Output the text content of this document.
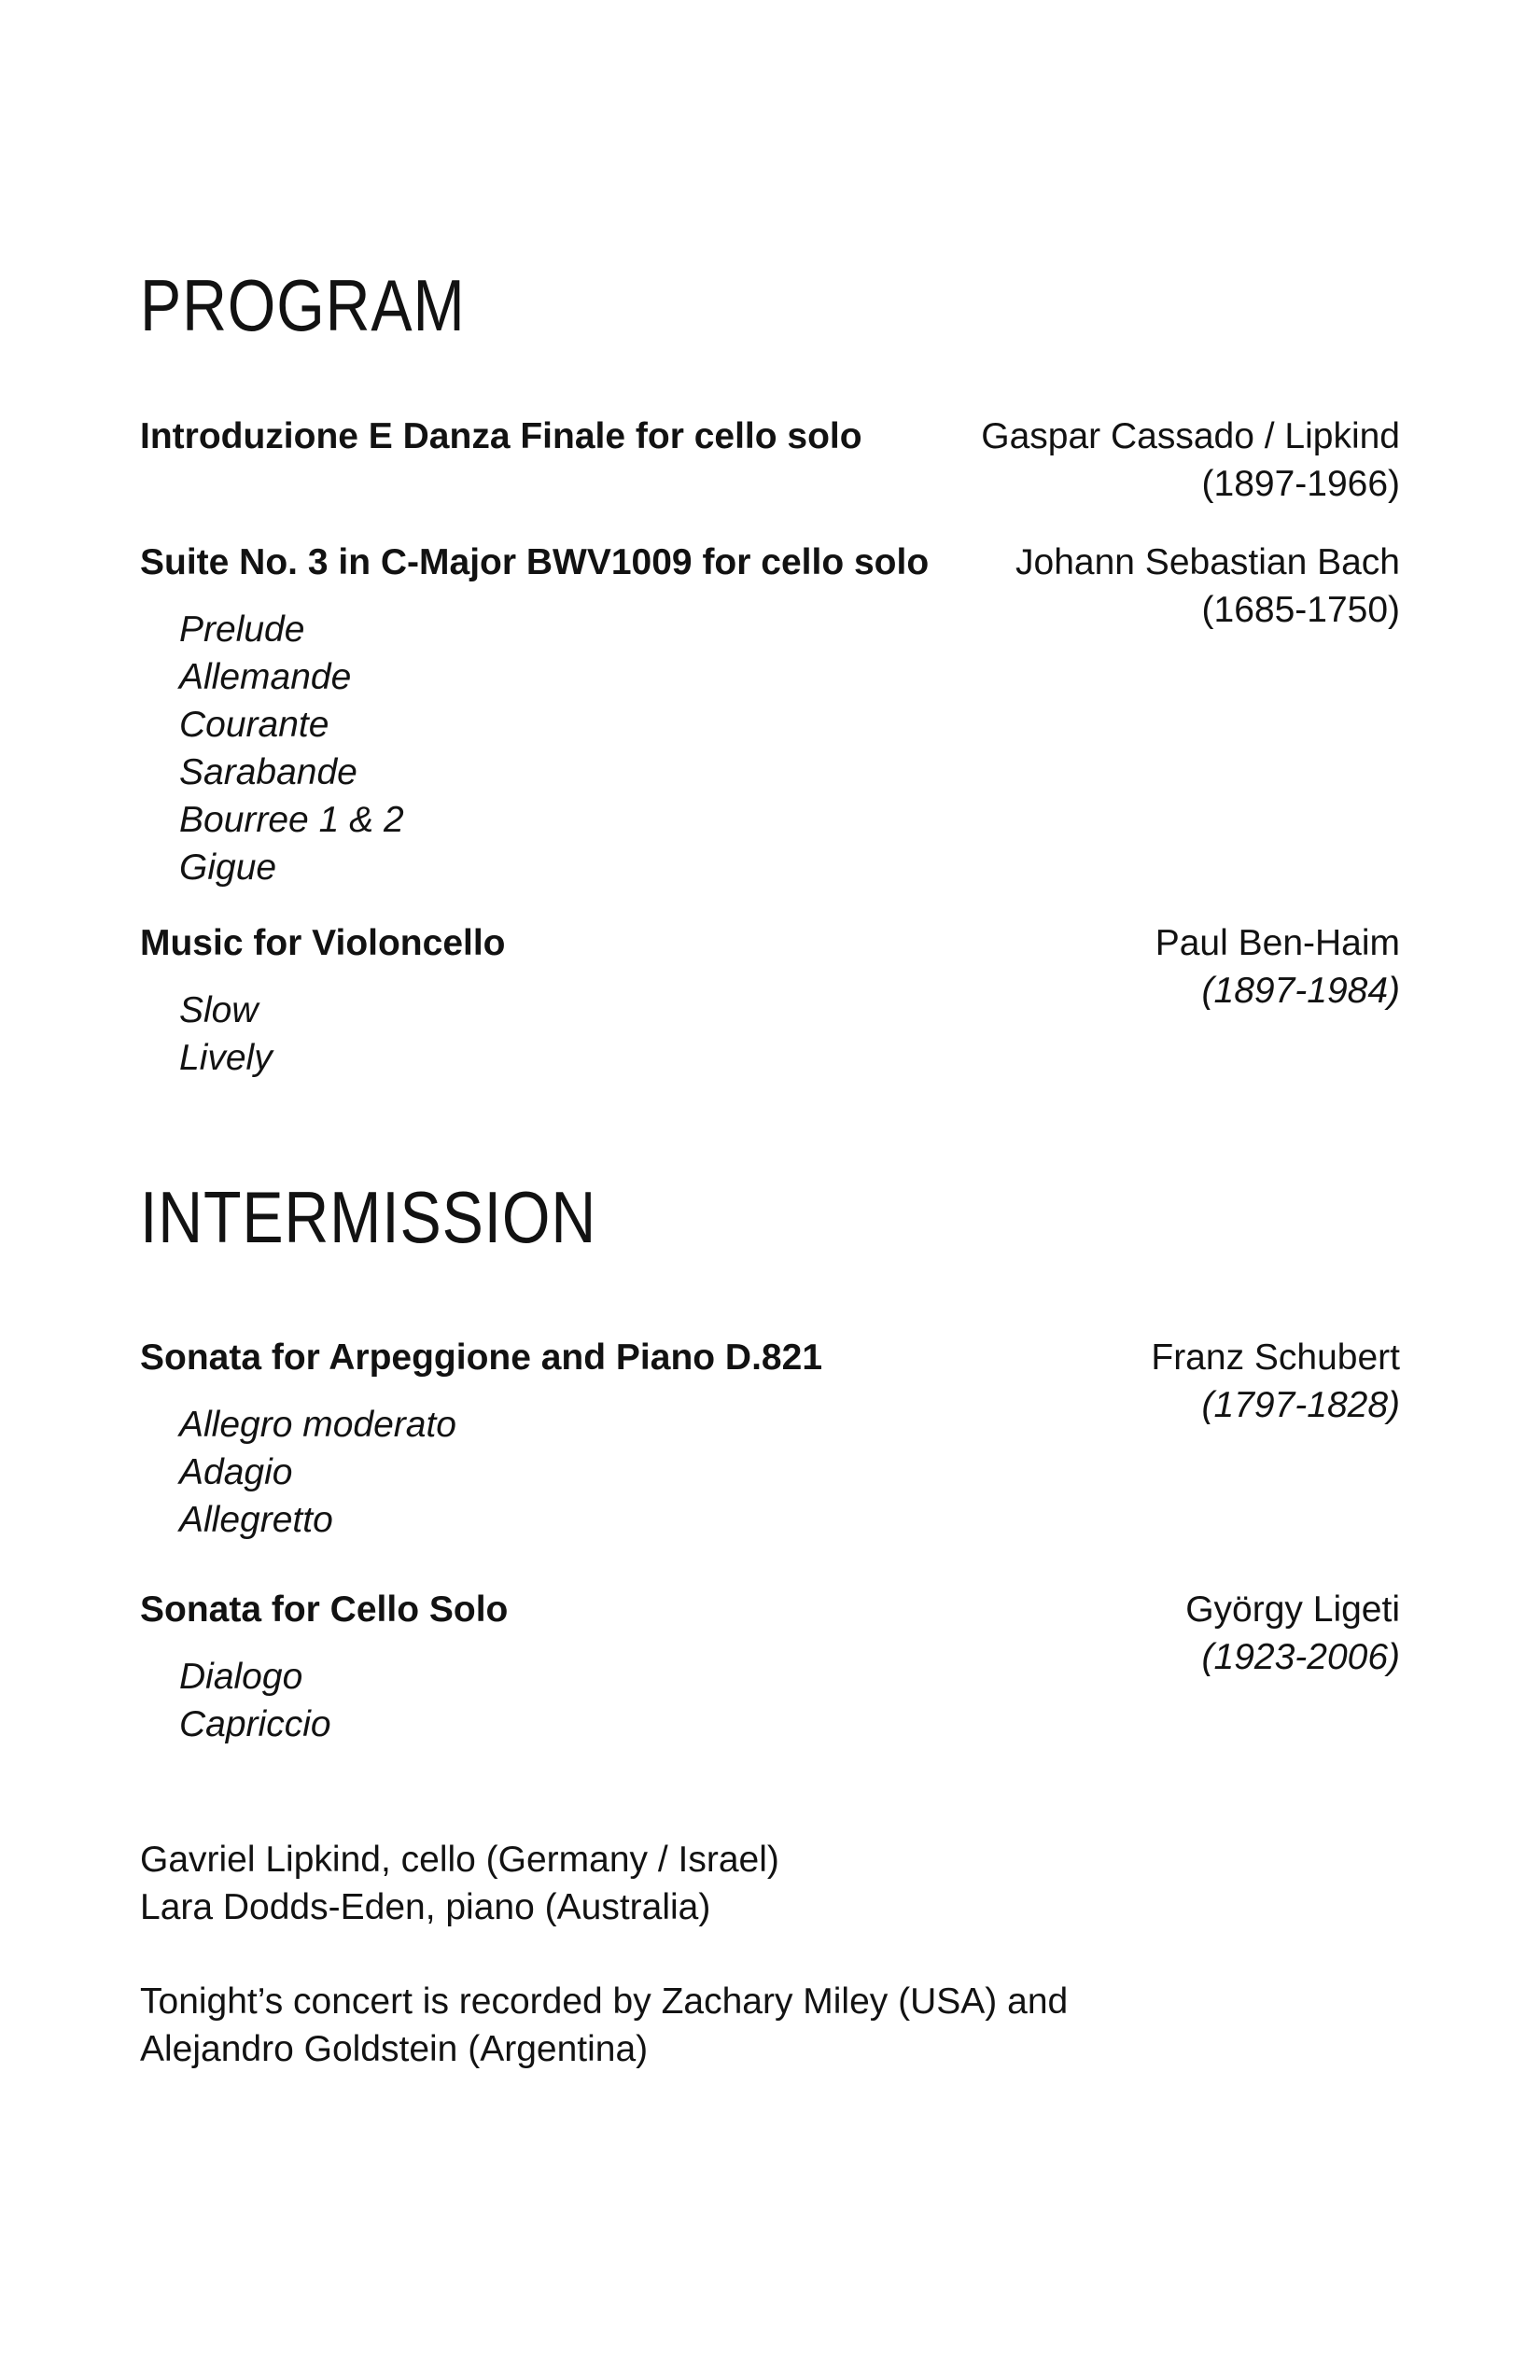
PROGRAM
Introduzione E Danza Finale for cello solo	Gaspar Cassado / Lipkind
(1897-1966)
Suite No. 3 in C-Major BWV1009 for cello solo	Johann Sebastian Bach
(1685-1750)
Prelude
Allemande
Courante
Sarabande
Bourree 1 & 2
Gigue
Music for Violoncello	Paul Ben-Haim
(1897-1984)
Slow
Lively
INTERMISSION
Sonata for Arpeggione and Piano D.821	Franz Schubert
(1797-1828)
Allegro moderato
Adagio
Allegretto
Sonata for Cello Solo	György Ligeti
(1923-2006)
Dialogo
Capriccio
Gavriel Lipkind, cello (Germany / Israel)
Lara Dodds-Eden, piano (Australia)
Tonight’s concert is recorded by Zachary Miley (USA) and
Alejandro Goldstein (Argentina)
